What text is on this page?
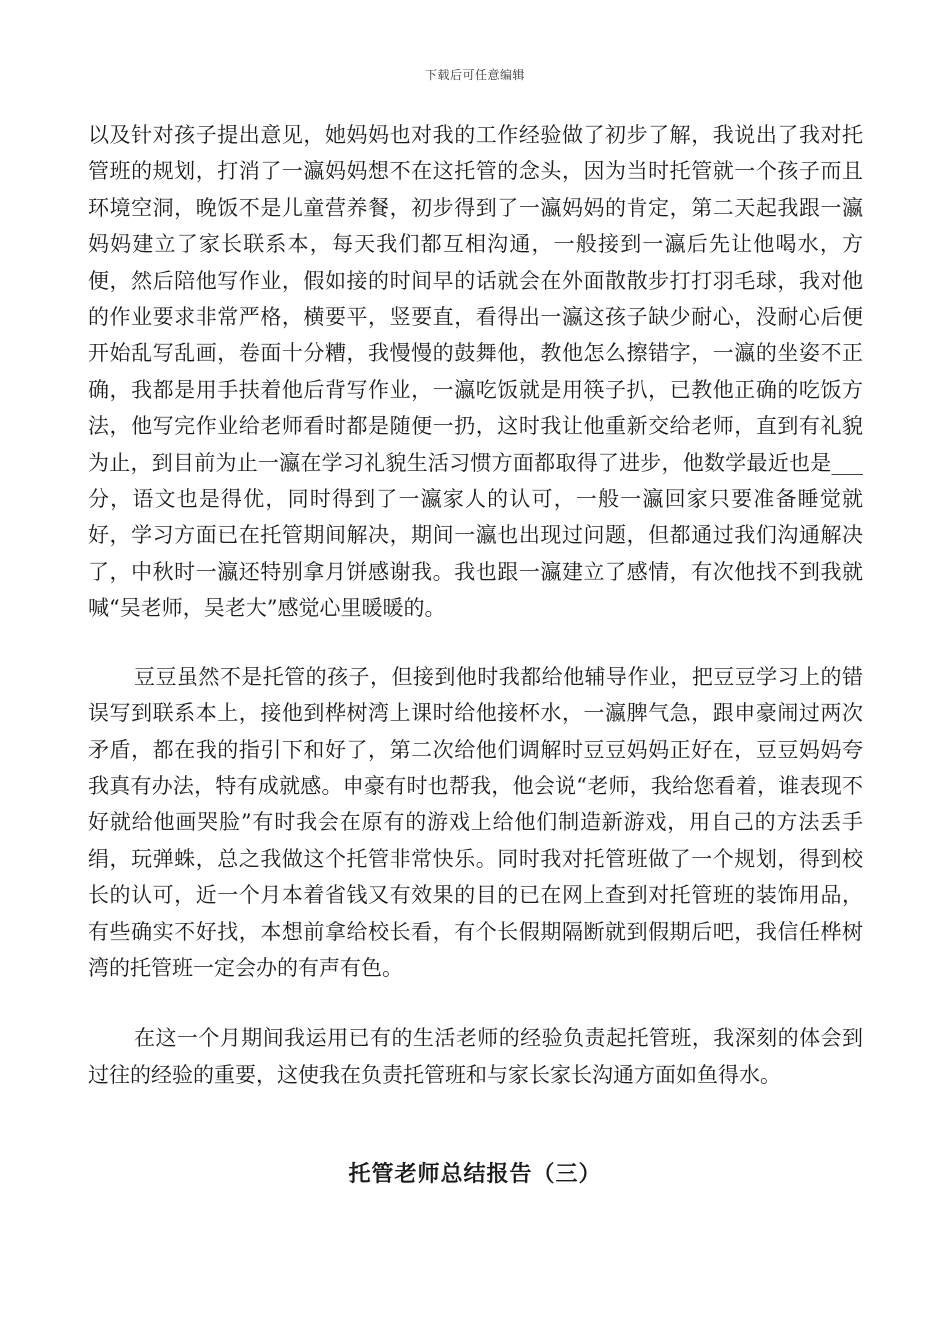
下载后可任意编辑

以及针对孩子提出意见，她妈妈也对我的工作经验做了初步了解，我说出了我对托管班的规划，打消了一瀛妈妈想不在这托管的念头，因为当时托管就一个孩子而且环境空洞，晚饭不是儿童营养餐，初步得到了一瀛妈妈的肯定，第二天起我跟一瀛妈妈建立了家长联系本，每天我们都互相沟通，一般接到一瀛后先让他喝水，方便，然后陪他写作业，假如接的时间早的话就会在外面散散步打打羽毛球，我对他的作业要求非常严格，横要平，竖要直，看得出一瀛这孩子缺少耐心，没耐心后便开始乱写乱画，卷面十分糟，我慢慢的鼓舞他，教他怎么擦错字，一瀛的坐姿不正确，我都是用手扶着他后背写作业，一瀛吃饭就是用筷子扒，已教他正确的吃饭方法，他写完作业给老师看时都是随便一扔，这时我让他重新交给老师，直到有礼貌为止，到目前为止一瀛在学习礼貌生活习惯方面都取得了进步，他数学最近也是___分，语文也是得优，同时得到了一瀛家人的认可，一般一瀛回家只要准备睡觉就好，学习方面已在托管期间解决，期间一瀛也出现过问题，但都通过我们沟通解决了，中秋时一瀛还特别拿月饼感谢我。我也跟一瀛建立了感情，有次他找不到我就喊“吴老师，吴老大”感觉心里暖暖的。

豆豆虽然不是托管的孩子，但接到他时我都给他辅导作业，把豆豆学习上的错误写到联系本上，接他到桦树湾上课时给他接杯水，一瀛脾气急，跟申豪闹过两次矛盾，都在我的指引下和好了，第二次给他们调解时豆豆妈妈正好在，豆豆妈妈夸我真有办法，特有成就感。申豪有时也帮我，他会说“老师，我给您看着，谁表现不好就给他画哭脸”有时我会在原有的游戏上给他们制造新游戏，用自己的方法丢手绢，玩弹蛛，总之我做这个托管非常快乐。同时我对托管班做了一个规划，得到校长的认可，近一个月本着省钱又有效果的目的已在网上查到对托管班的装饰用品，有些确实不好找，本想前拿给校长看，有个长假期隔断就到假期后吧，我信任桦树湾的托管班一定会办的有声有色。

在这一个月期间我运用已有的生活老师的经验负责起托管班，我深刻的体会到过往的经验的重要，这使我在负责托管班和与家长家长沟通方面如鱼得水。

托管老师总结报告（三）
